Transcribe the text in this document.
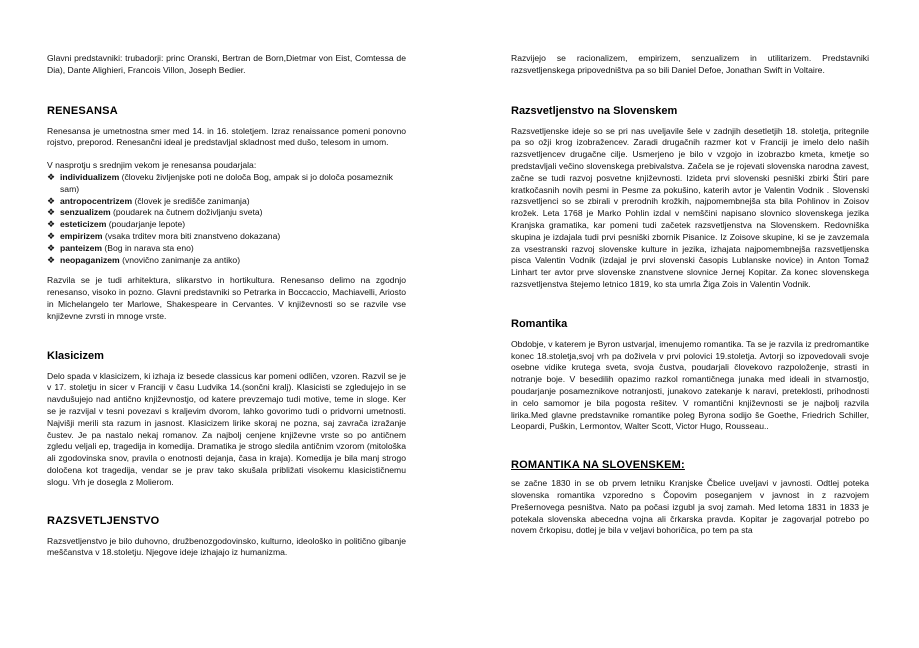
Glavni predstavniki: trubadorji: princ Oranski, Bertran de Born,Dietmar von Eist, Comtessa de Dia), Dante Alighieri, Francois Villon, Joseph Bedier.

RENESANSA

Renesansa je umetnostna smer med 14. in 16. stoletjem. Izraz renaissance pomeni ponovno rojstvo, preporod. Renesančni ideal je predstavljal skladnost med dušo, telesom in umom.

V nasprotju s srednjim vekom je renesansa poudarjala:

❖ individualizem (človeku življenjske poti ne določa Bog, ampak si jo določa posameznik sam)
❖ antropocentrizem (človek je središče zanimanja)
❖ senzualizem (poudarek na čutnem doživljanju sveta)
❖ esteticizem (poudarjanje lepote)
❖ empirizem (vsaka trditev mora biti znanstveno dokazana)
❖ panteizem (Bog in narava sta eno)
❖ neopaganizem (vnovično zanimanje za antiko)

Razvila se je tudi arhitektura, slikarstvo in hortikultura. Renesanso delimo na zgodnjo renesanso, visoko in pozno. Glavni predstavniki so Petrarka in Boccaccio, Machiavelli, Ariosto in Michelangelo ter Marlowe, Shakespeare in Cervantes. V književnosti so se razvile vse književne zvrsti in mnoge vrste.

Klasicizem

Delo spada v klasicizem, ki izhaja iz besede classicus kar pomeni odličen, vzoren. Razvil se je v 17. stoletju in sicer v Franciji v času Ludvika 14.(sončni kralj). Klasicisti se zgledujejo in se navdušujejo nad antično književnostjo, od katere prevzemajo tudi motive, teme in sloge. Ker se je razvijal v tesni povezavi s kraljevim dvorom, lahko govorimo tudi o pridvorni umetnosti. Najvišji merili sta razum in jasnost. Klasicizem lirike skoraj ne pozna, saj zavrača izražanje čustev. Je pa nastalo nekaj romanov. Za najbolj cenjene književne vrste so po antičnem zgledu veljali ep, tragedija in komedija. Dramatika je strogo sledila antičnim vzorom (mitološka ali zgodovinska snov, pravila o enotnosti dejanja, časa in kraja). Komedija je bila manj strogo določena kot tragedija, vendar se je prav tako skušala približati visokemu klasicističnemu slogu. Vrh je dosegla z Molierom.

RAZSVETLJENSTVO

Razsvetljenstvo je bilo duhovno, družbenozgodovinsko, kulturno, ideološko in politično gibanje meščanstva v 18.stoletju. Njegove ideje izhajajo iz humanizma.

Razvijejo se racionalizem, empirizem, senzualizem in utilitarizem. Predstavniki razsvetljenskega pripovedništva pa so bili Daniel Defoe, Jonathan Swift in Voltaire.

Razsvetljenstvo na Slovenskem

Razsvetljenske ideje so se pri nas uveljavile šele v zadnjih desetletjih 18. stoletja, pritegnile pa so ožji krog izobražencev. Zaradi drugačnih razmer kot v Franciji je imelo delo naših razsvetljencev drugačne cilje. Usmerjeno je bilo v vzgojo in izobrazbo kmeta, kmetje so predstavljali večino slovenskega prebivalstva. Začela se je rojevati slovenska narodna zavest, začne se tudi razvoj posvetne književnosti. Izideta prvi slovenski pesniški zbirki Štiri pare kratkočasnih novih pesmi in Pesme za pokušino, katerih avtor je Valentin Vodnik . Slovenski razsvetljenci so se zbirali v prerodnih krožkih, najpomembnejša sta bila Pohlinov in Zoisov krožek. Leta 1768 je Marko Pohlin izdal v nemščini napisano slovnico slovenskega jezika Kranjska gramatika, kar pomeni tudi začetek razsvetljenstva na Slovenskem. Redovniška skupina je izdajala tudi prvi pesniški zbornik Pisanice. Iz Zoisove skupine, ki se je zavzemala za vsestranski razvoj slovenske kulture in jezika, izhajata najpomembnejša razsvetljenska pisca Valentin Vodnik (izdajal je prvi slovenski časopis Lublanske novice) in Anton Tomaž Linhart ter avtor prve slovenske znanstvene slovnice Jernej Kopitar. Za konec slovenskega razsvetljenstva štejemo letnico 1819, ko sta umrla Žiga Zois in Valentin Vodnik.

Romantika

Obdobje, v katerem je Byron ustvarjal, imenujemo romantika. Ta se je razvila iz predromantike konec 18.stoletja,svoj vrh pa doživela v prvi polovici 19.stoletja. Avtorji so izpovedovali svoje osebne vidike krutega sveta, svoja čustva, poudarjali človekovo razpoloženje, strasti in notranje boje. V besedilih opazimo razkol romantičnega junaka med ideali in stvarnostjo, poudarjanje posameznikove notranjosti, junakovo zatekanje k naravi, preteklosti, prihodnosti in celo samomor je bila pogosta rešitev. V romantični književnosti se je najbolj razvila lirika.Med glavne predstavnike romantike poleg Byrona sodijo še Goethe, Friedrich Schiller, Leopardi, Puškin, Lermontov, Walter Scott, Victor Hugo, Rousseau..

ROMANTIKA NA SLOVENSKEM:

se začne 1830 in se ob prvem letniku Kranjske Čbelice uveljavi v javnosti. Odtlej poteka slovenska romantika vzporedno s Čopovim poseganjem v javnost in z razvojem Prešernovega pesništva. Nato pa počasi izgubl ja svoj zamah. Med letoma 1831 in 1833 je potekala slovenska abecedna vojna ali črkarska pravda. Kopitar je zagovarjal potrebo po novem črkopisu, dotlej je bila v veljavi bohoričica, po tem pa sta
